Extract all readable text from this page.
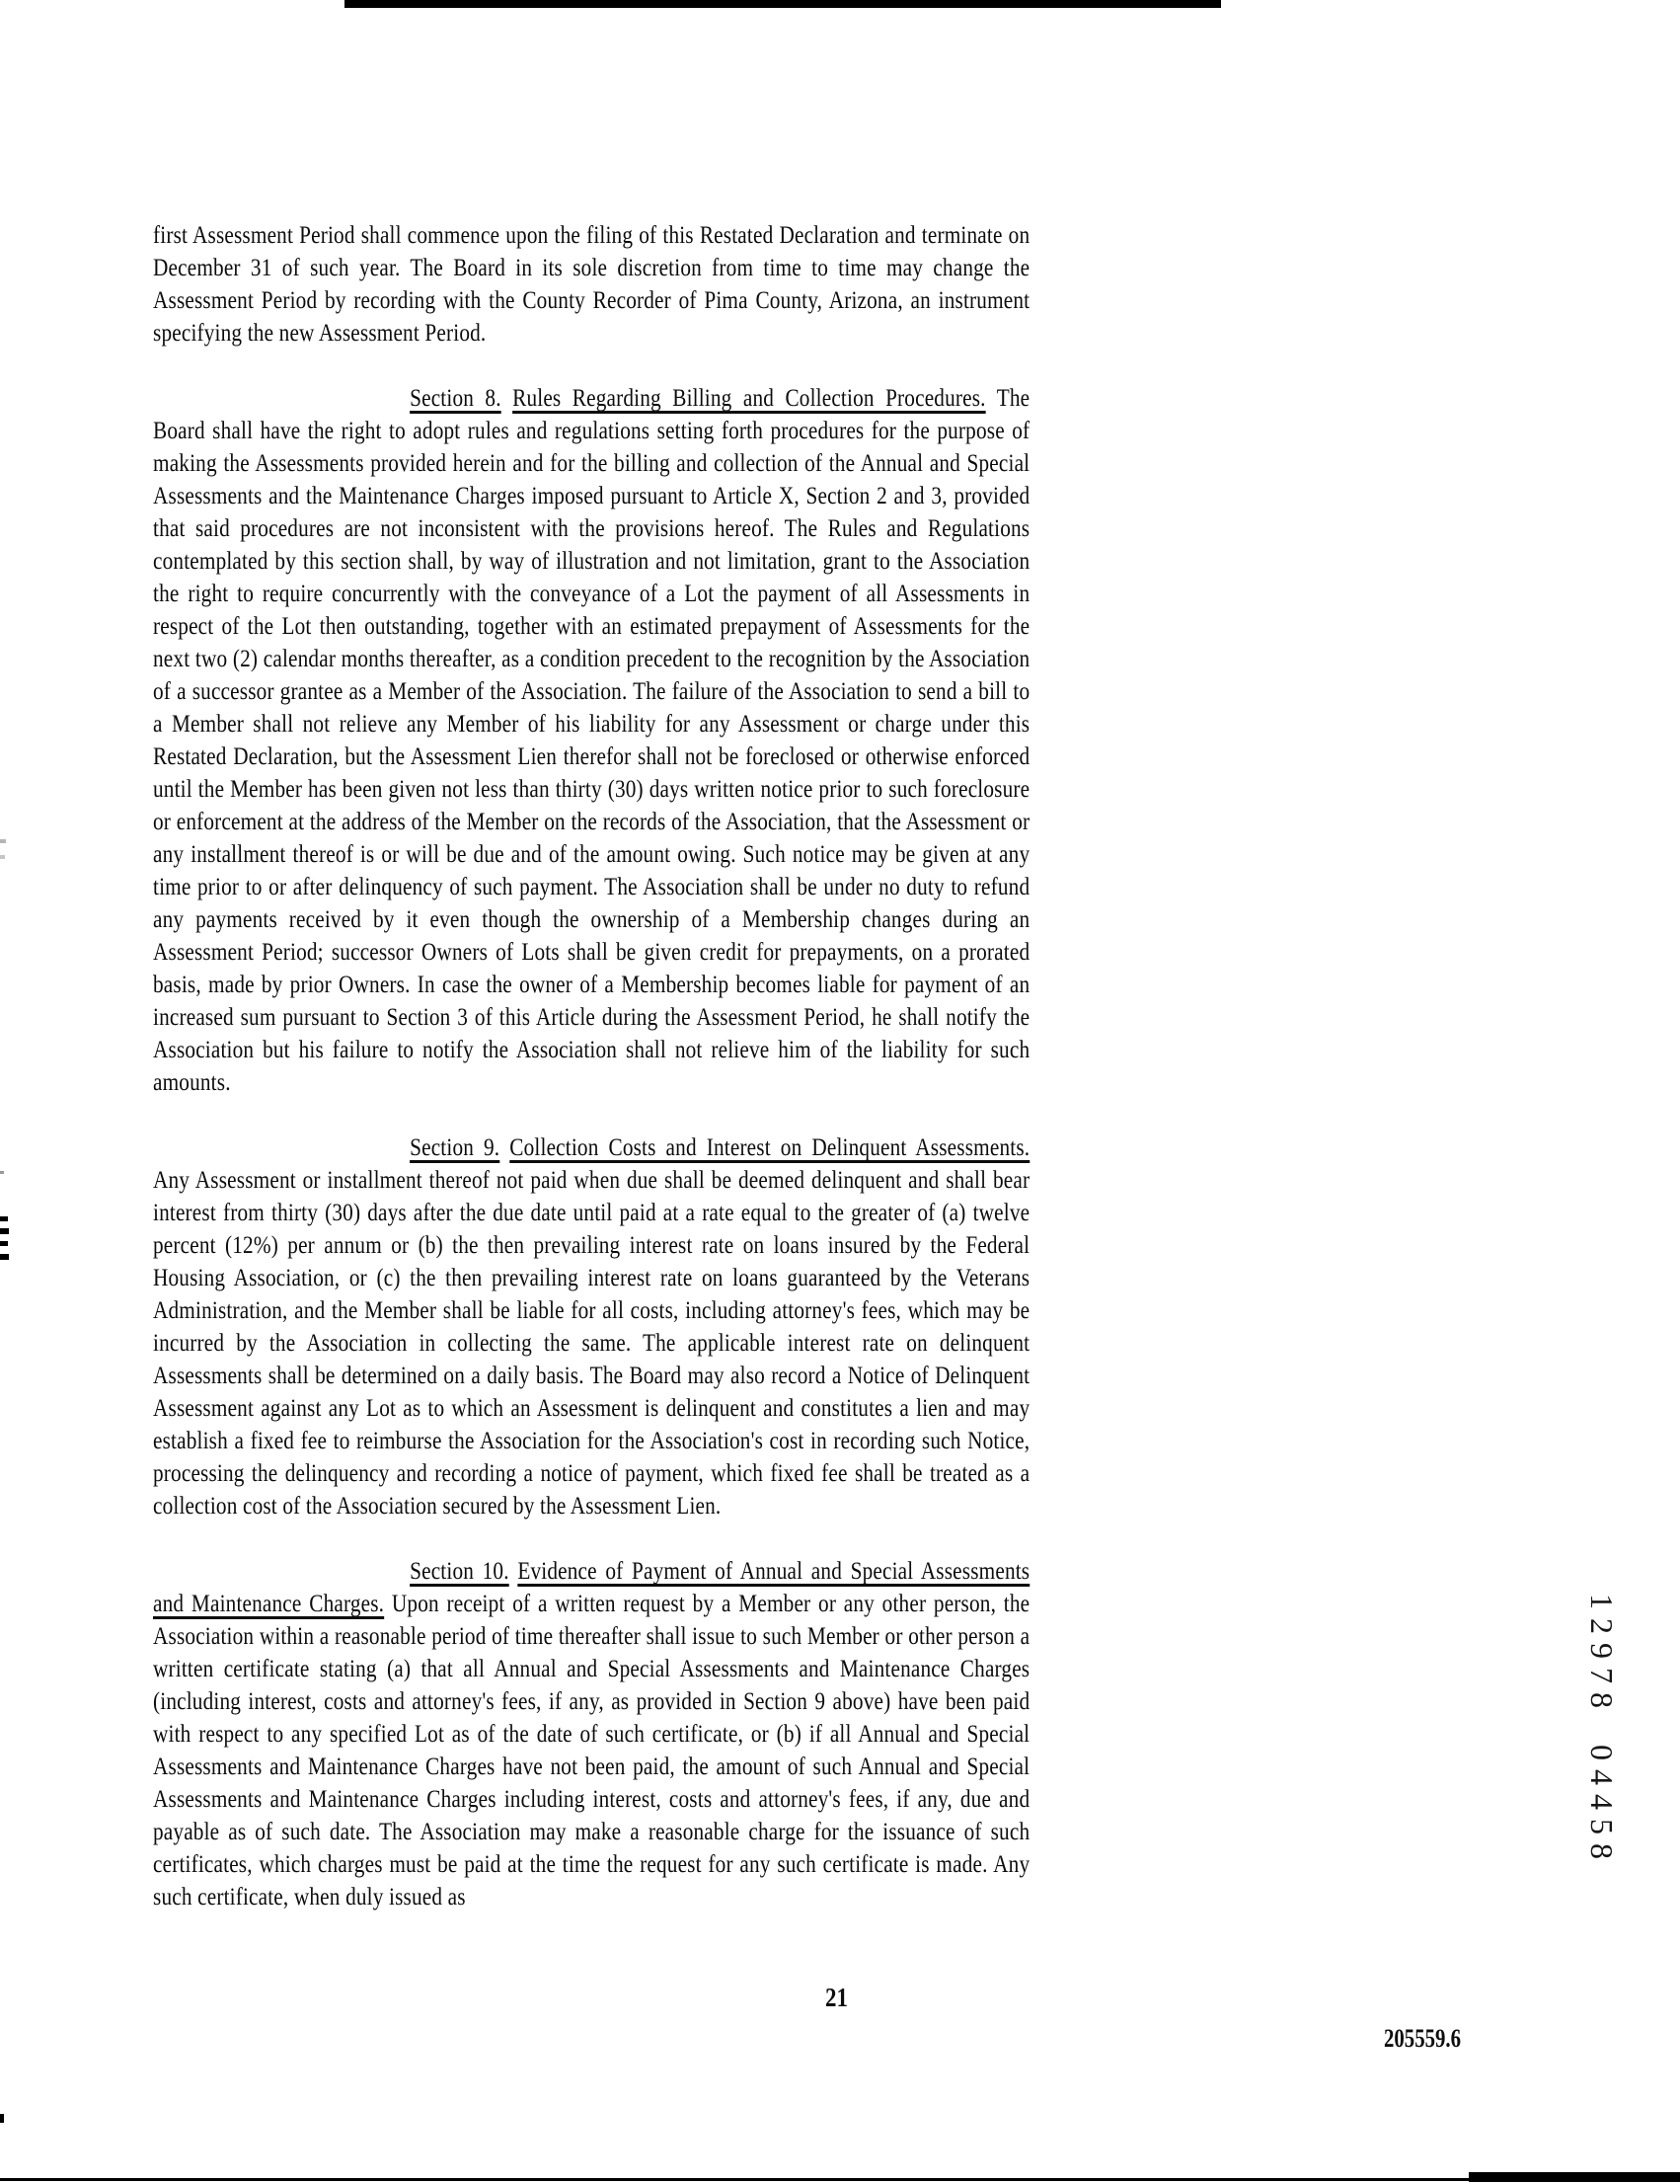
first Assessment Period shall commence upon the filing of this Restated Declaration and terminate on December 31 of such year. The Board in its sole discretion from time to time may change the Assessment Period by recording with the County Recorder of Pima County, Arizona, an instrument specifying the new Assessment Period.

Section 8. Rules Regarding Billing and Collection Procedures. The Board shall have the right to adopt rules and regulations setting forth procedures for the purpose of making the Assessments provided herein and for the billing and collection of the Annual and Special Assessments and the Maintenance Charges imposed pursuant to Article X, Section 2 and 3, provided that said procedures are not inconsistent with the provisions hereof. The Rules and Regulations contemplated by this section shall, by way of illustration and not limitation, grant to the Association the right to require concurrently with the conveyance of a Lot the payment of all Assessments in respect of the Lot then outstanding, together with an estimated prepayment of Assessments for the next two (2) calendar months thereafter, as a condition precedent to the recognition by the Association of a successor grantee as a Member of the Association. The failure of the Association to send a bill to a Member shall not relieve any Member of his liability for any Assessment or charge under this Restated Declaration, but the Assessment Lien therefor shall not be foreclosed or otherwise enforced until the Member has been given not less than thirty (30) days written notice prior to such foreclosure or enforcement at the address of the Member on the records of the Association, that the Assessment or any installment thereof is or will be due and of the amount owing. Such notice may be given at any time prior to or after delinquency of such payment. The Association shall be under no duty to refund any payments received by it even though the ownership of a Membership changes during an Assessment Period; successor Owners of Lots shall be given credit for prepayments, on a prorated basis, made by prior Owners. In case the owner of a Membership becomes liable for payment of an increased sum pursuant to Section 3 of this Article during the Assessment Period, he shall notify the Association but his failure to notify the Association shall not relieve him of the liability for such amounts.

Section 9. Collection Costs and Interest on Delinquent Assessments. Any Assessment or installment thereof not paid when due shall be deemed delinquent and shall bear interest from thirty (30) days after the due date until paid at a rate equal to the greater of (a) twelve percent (12%) per annum or (b) the then prevailing interest rate on loans insured by the Federal Housing Association, or (c) the then prevailing interest rate on loans guaranteed by the Veterans Administration, and the Member shall be liable for all costs, including attorney's fees, which may be incurred by the Association in collecting the same. The applicable interest rate on delinquent Assessments shall be determined on a daily basis. The Board may also record a Notice of Delinquent Assessment against any Lot as to which an Assessment is delinquent and constitutes a lien and may establish a fixed fee to reimburse the Association for the Association's cost in recording such Notice, processing the delinquency and recording a notice of payment, which fixed fee shall be treated as a collection cost of the Association secured by the Assessment Lien.

Section 10. Evidence of Payment of Annual and Special Assessments and Maintenance Charges. Upon receipt of a written request by a Member or any other person, the Association within a reasonable period of time thereafter shall issue to such Member or other person a written certificate stating (a) that all Annual and Special Assessments and Maintenance Charges (including interest, costs and attorney's fees, if any, as provided in Section 9 above) have been paid with respect to any specified Lot as of the date of such certificate, or (b) if all Annual and Special Assessments and Maintenance Charges have not been paid, the amount of such Annual and Special Assessments and Maintenance Charges including interest, costs and attorney's fees, if any, due and payable as of such date. The Association may make a reasonable charge for the issuance of such certificates, which charges must be paid at the time the request for any such certificate is made. Any such certificate, when duly issued as

21
205559.6
1297804458
